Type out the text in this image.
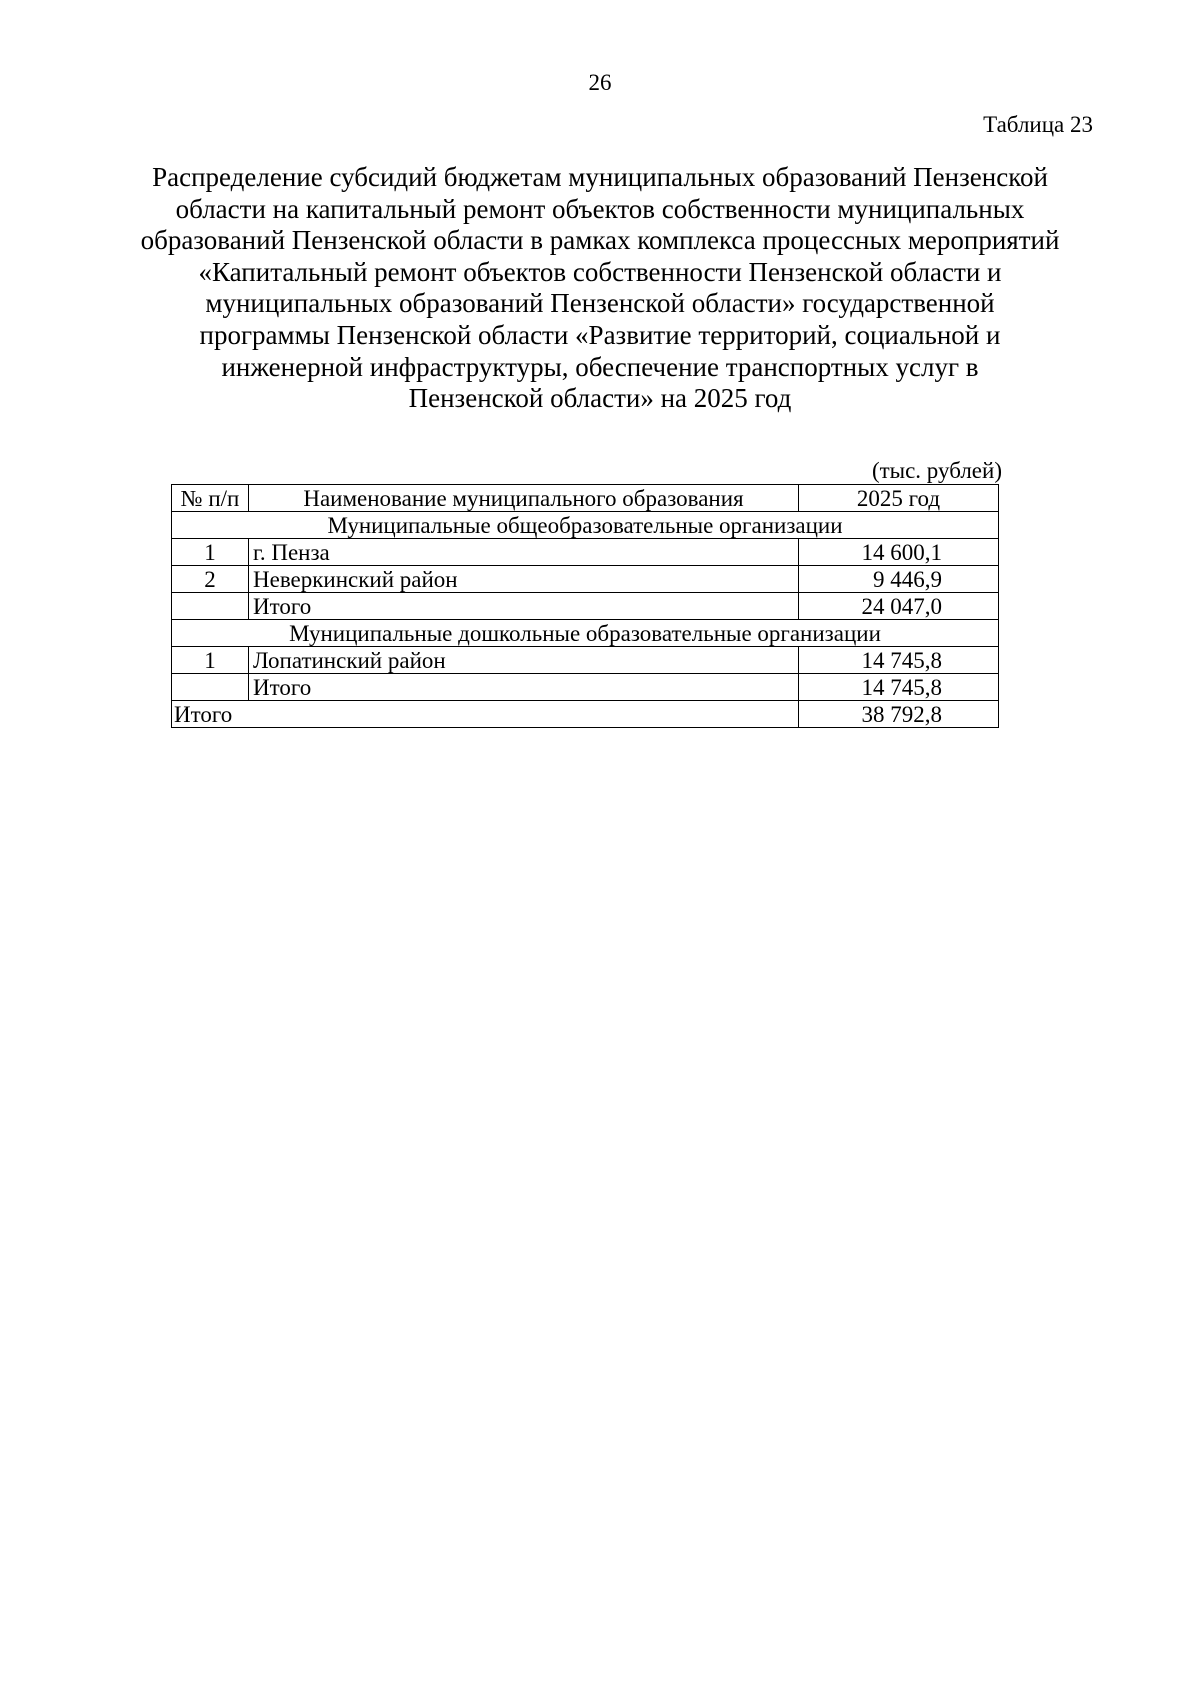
26
Таблица 23
Распределение субсидий бюджетам муниципальных образований Пензенской
области на капитальный ремонт объектов собственности муниципальных
образований Пензенской области в рамках комплекса процессных мероприятий
«Капитальный ремонт объектов собственности Пензенской области и
муниципальных образований Пензенской области» государственной
программы Пензенской области «Развитие территорий, социальной и
инженерной инфраструктуры, обеспечение транспортных услуг в
Пензенской области» на 2025 год
(тыс. рублей)
№ п/п	Наименование муниципального образования	2025 год
Муниципальные общеобразовательные организации		
1	г. Пенза	14 600,1
2	Неверкинский район	9 446,9
	Итого	24 047,0
Муниципальные дошкольные образовательные организации		
1	Лопатинский район	14 745,8
	Итого	14 745,8
Итого		38 792,8
